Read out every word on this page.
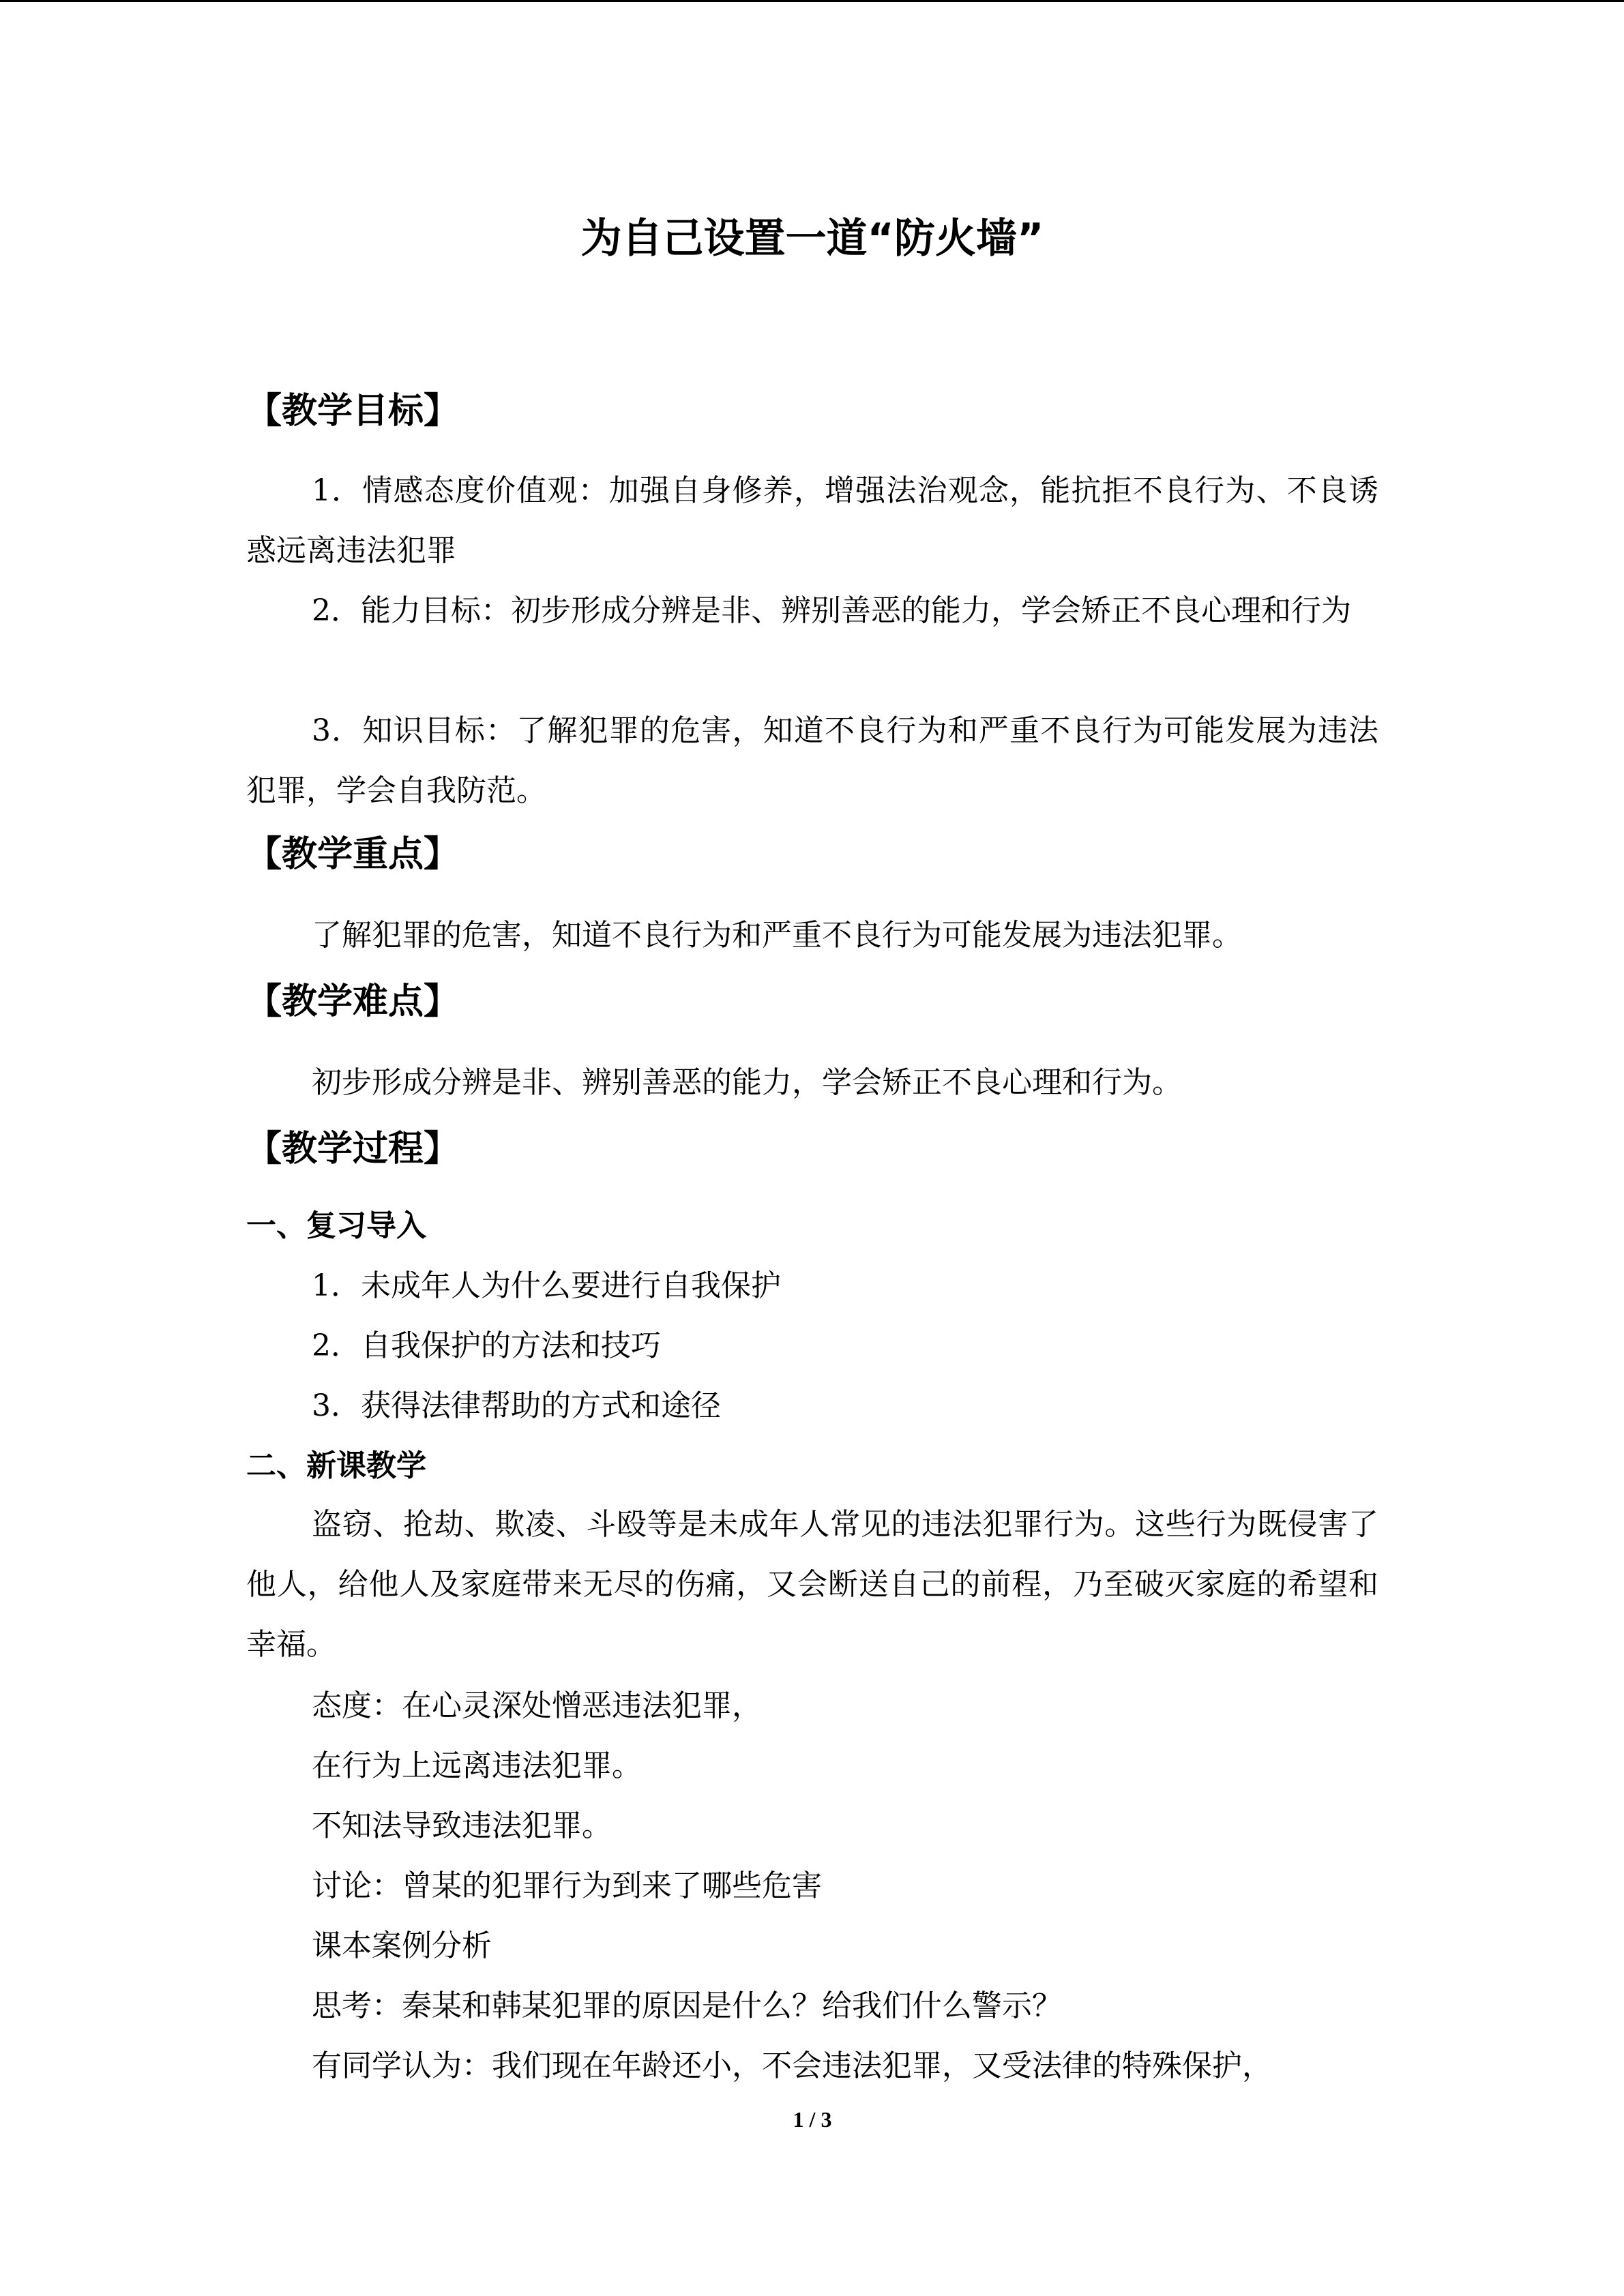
为自己设置一道“防火墙”
【教学目标】
1．情感态度价值观：加强自身修养，增强法治观念，能抗拒不良行为、不良诱惑远离违法犯罪
2．能力目标：初步形成分辨是非、辨别善恶的能力，学会矫正不良心理和行为
3．知识目标：了解犯罪的危害，知道不良行为和严重不良行为可能发展为违法犯罪，学会自我防范。
【教学重点】
了解犯罪的危害，知道不良行为和严重不良行为可能发展为违法犯罪。
【教学难点】
初步形成分辨是非、辨别善恶的能力，学会矫正不良心理和行为。
【教学过程】
一、复习导入
1．未成年人为什么要进行自我保护
2．自我保护的方法和技巧
3．获得法律帮助的方式和途径
二、新课教学
盗窃、抢劫、欺凌、斗殴等是未成年人常见的违法犯罪行为。这些行为既侵害了他人，给他人及家庭带来无尽的伤痛，又会断送自己的前程，乃至破灭家庭的希望和幸福。
态度：在心灵深处憎恶违法犯罪，
在行为上远离违法犯罪。
不知法导致违法犯罪。
讨论：曾某的犯罪行为到来了哪些危害
课本案例分析
思考：秦某和韩某犯罪的原因是什么？给我们什么警示？
有同学认为：我们现在年龄还小，不会违法犯罪，又受法律的特殊保护，
1 / 3
